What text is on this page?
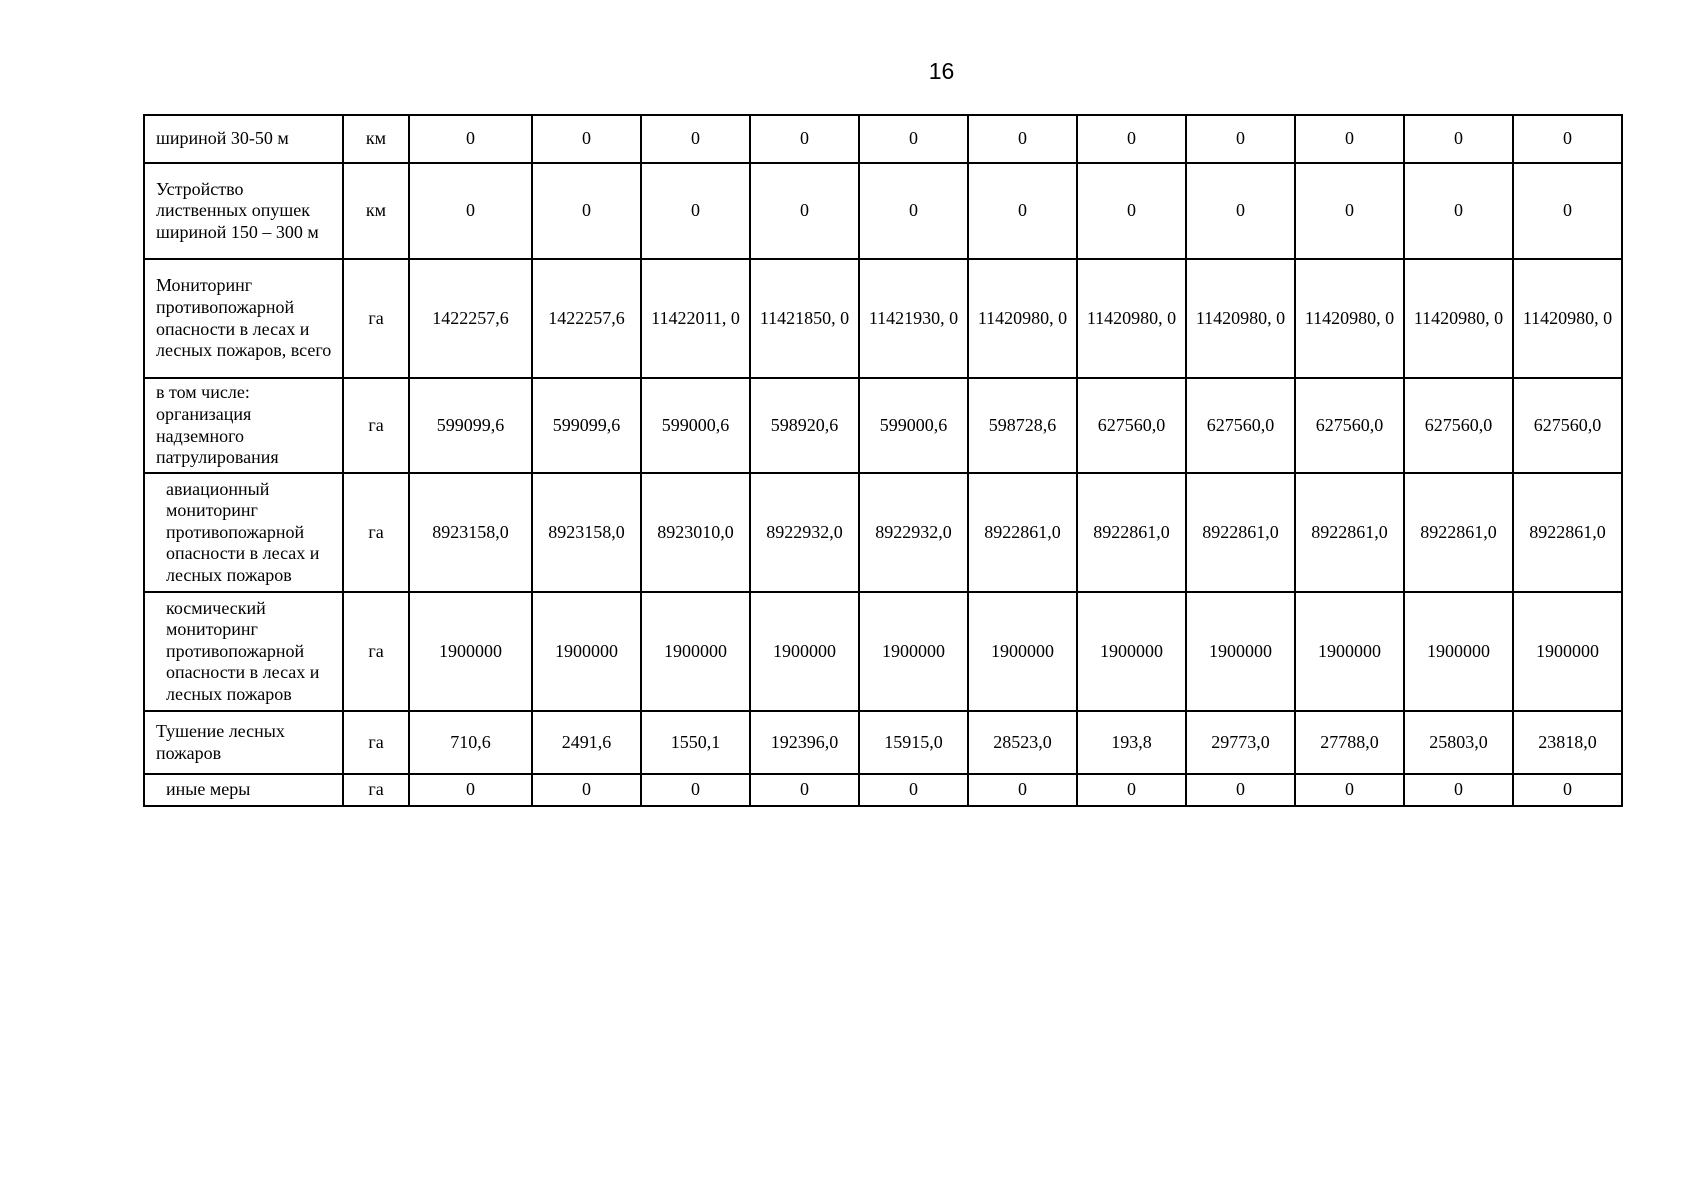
16
шириной 30-50 м	км	0	0	0	0	0	0	0	0	0	0	0
Устройство лиственных опушек шириной 150 – 300 м	км	0	0	0	0	0	0	0	0	0	0	0
Мониторинг противопожарной опасности в лесах и лесных пожаров, всего	га	1422257,6	1422257,6	11422011, 0	11421850, 0	11421930, 0	11420980, 0	11420980, 0	11420980, 0	11420980, 0	11420980, 0	11420980, 0
в том числе: организация надземного патрулирования	га	599099,6	599099,6	599000,6	598920,6	599000,6	598728,6	627560,0	627560,0	627560,0	627560,0	627560,0
авиационный мониторинг противопожарной опасности в лесах и лесных пожаров	га	8923158,0	8923158,0	8923010,0	8922932,0	8922932,0	8922861,0	8922861,0	8922861,0	8922861,0	8922861,0	8922861,0
космический мониторинг противопожарной опасности в лесах и лесных пожаров	га	1900000	1900000	1900000	1900000	1900000	1900000	1900000	1900000	1900000	1900000	1900000
Тушение лесных пожаров	га	710,6	2491,6	1550,1	192396,0	15915,0	28523,0	193,8	29773,0	27788,0	25803,0	23818,0
иные меры	га	0	0	0	0	0	0	0	0	0	0	0
